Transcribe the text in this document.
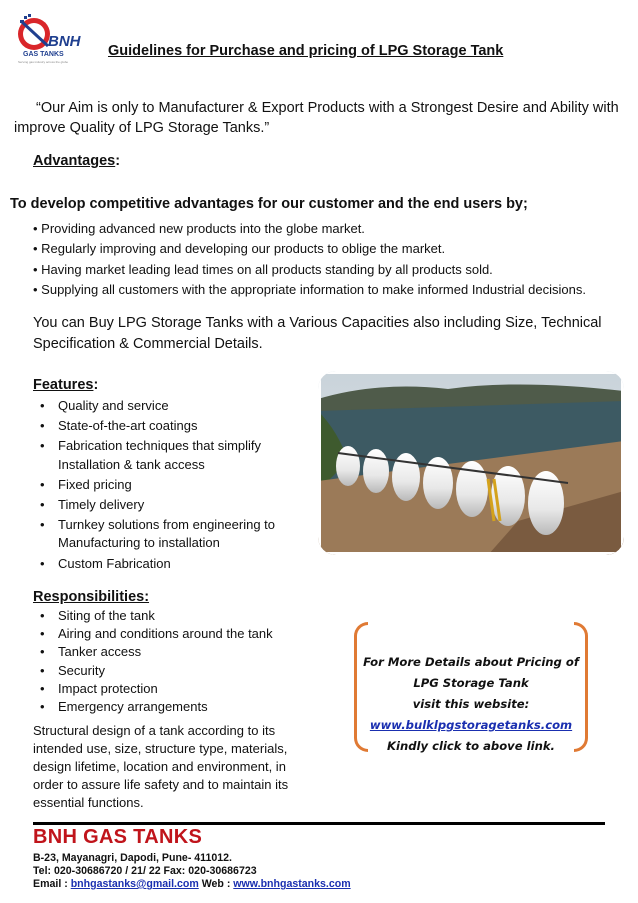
BNH
GAS TANKS
Serving gas industry across the globe
Guidelines for Purchase and pricing of LPG Storage Tank
“Our Aim is only to Manufacturer & Export Products with a Strongest Desire and Ability with improve Quality of LPG Storage Tanks.”
Advantages:
To develop competitive advantages for our customer and the end users by;
• Providing advanced new products into the globe market.
• Regularly improving and developing our products to oblige the market.
• Having market leading lead times on all products standing by all products sold.
• Supplying all customers with the appropriate information to make informed Industrial decisions.
You can Buy LPG Storage Tanks with a Various Capacities also including Size, Technical Specification & Commercial Details.
Features:
• Quality and service
• State-of-the-art coatings
• Fabrication techniques that simplify Installation & tank access
• Fixed pricing
• Timely delivery
• Turnkey solutions from engineering to Manufacturing to installation
• Custom Fabrication
Responsibilities:
• Siting of the tank
• Airing and conditions around the tank
• Tanker access
• Security
• Impact protection
• Emergency arrangements
Structural design of a tank according to its intended use, size, structure type, materials, design lifetime, location and environment, in order to assure life safety and to maintain its essential functions.
For More Details about Pricing of
LPG Storage Tank
visit this website:
www.bulklpgstoragetanks.com
Kindly click to above link.
BNH GAS TANKS
B-23, Mayanagri, Dapodi, Pune- 411012.
Tel: 020-30686720 / 21/ 22 Fax: 020-30686723
Email : bnhgastanks@gmail.com Web : www.bnhgastanks.com
